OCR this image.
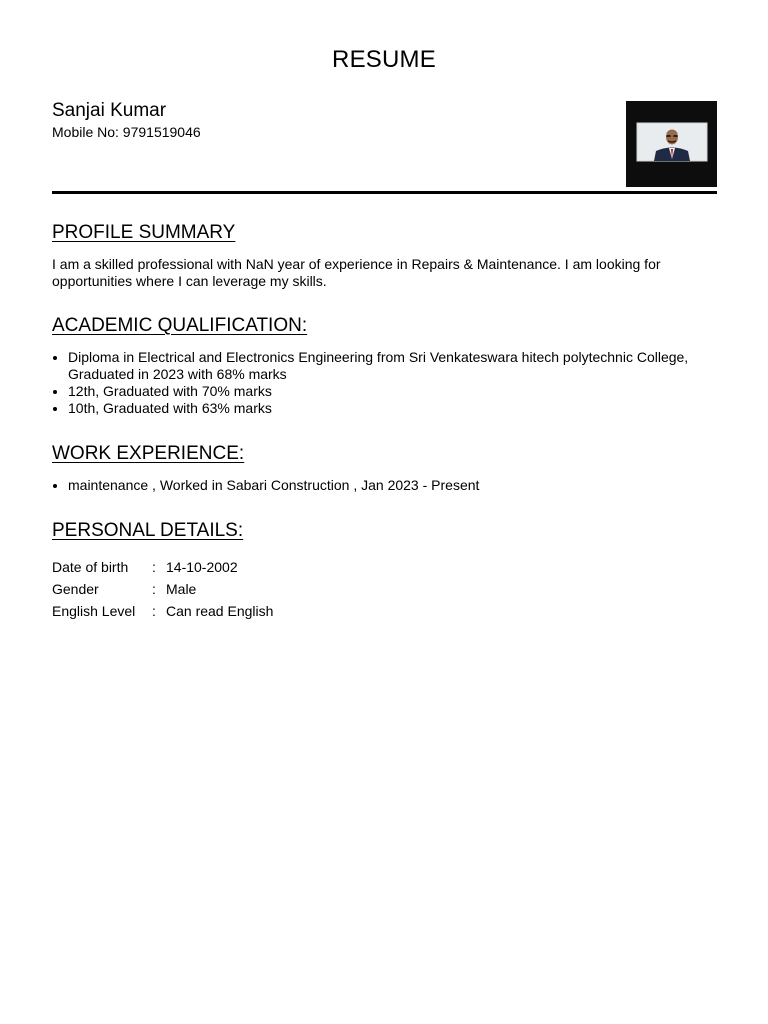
RESUME
Sanjai Kumar
Mobile No: 9791519046
PROFILE SUMMARY

I am a skilled professional with NaN year of experience in Repairs & Maintenance. I am looking for opportunities where I can leverage my skills.

ACADEMIC QUALIFICATION:
Diploma in Electrical and Electronics Engineering from Sri Venkateswara hitech polytechnic College, Graduated in 2023 with 68% marks
12th, Graduated with 70% marks
10th, Graduated with 63% marks
WORK EXPERIENCE:
maintenance , Worked in Sabari Construction , Jan 2023 - Present
PERSONAL DETAILS:
Date of birth	: 14-10-2002
Gender	: Male
English Level	: Can read English
